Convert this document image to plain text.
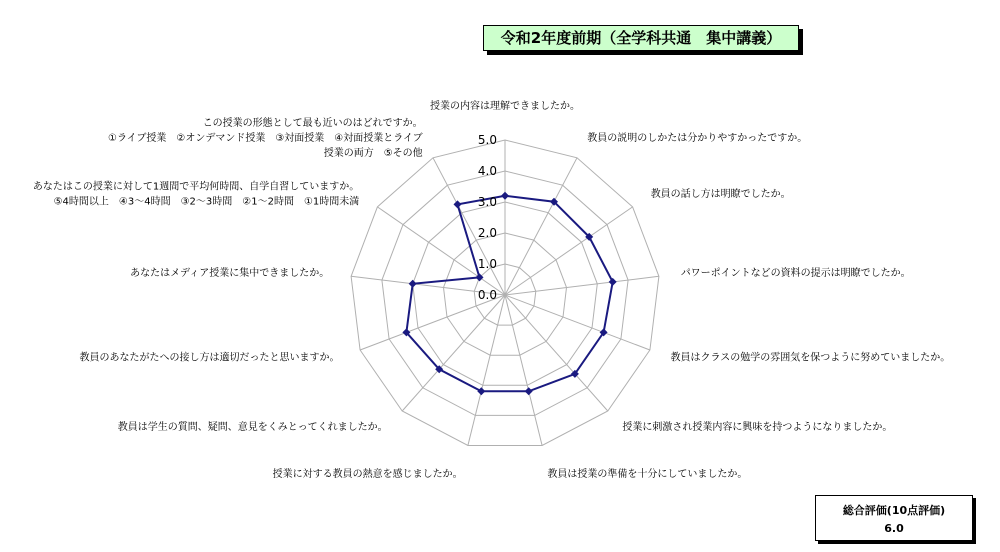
令和2年度前期（全学科共通　集中講義）
0.0
1.0
2.0
3.0
4.0
5.0
授業の内容は理解できましたか。
教員の説明のしかたは分かりやすかったですか。
教員の話し方は明瞭でしたか。
パワーポイントなどの資料の提示は明瞭でしたか。
教員はクラスの勉学の雰囲気を保つように努めていましたか。
授業に刺激され授業内容に興味を持つようになりましたか。
教員は授業の準備を十分にしていましたか。
授業に対する教員の熱意を感じましたか。
教員は学生の質問、疑問、意見をくみとってくれましたか。
教員のあなたがたへの接し方は適切だったと思いますか。
あなたはメディア授業に集中できましたか。
あなたはこの授業に対して1週間で平均何時間、自学自習していますか。
⑤4時間以上　④3～4時間　③2～3時間　②1～2時間　①1時間未満
この授業の形態として最も近いのはどれですか。
①ライブ授業　②オンデマンド授業　③対面授業　④対面授業とライブ
授業の両方　⑤その他
総合評価(10点評価)
6.0
